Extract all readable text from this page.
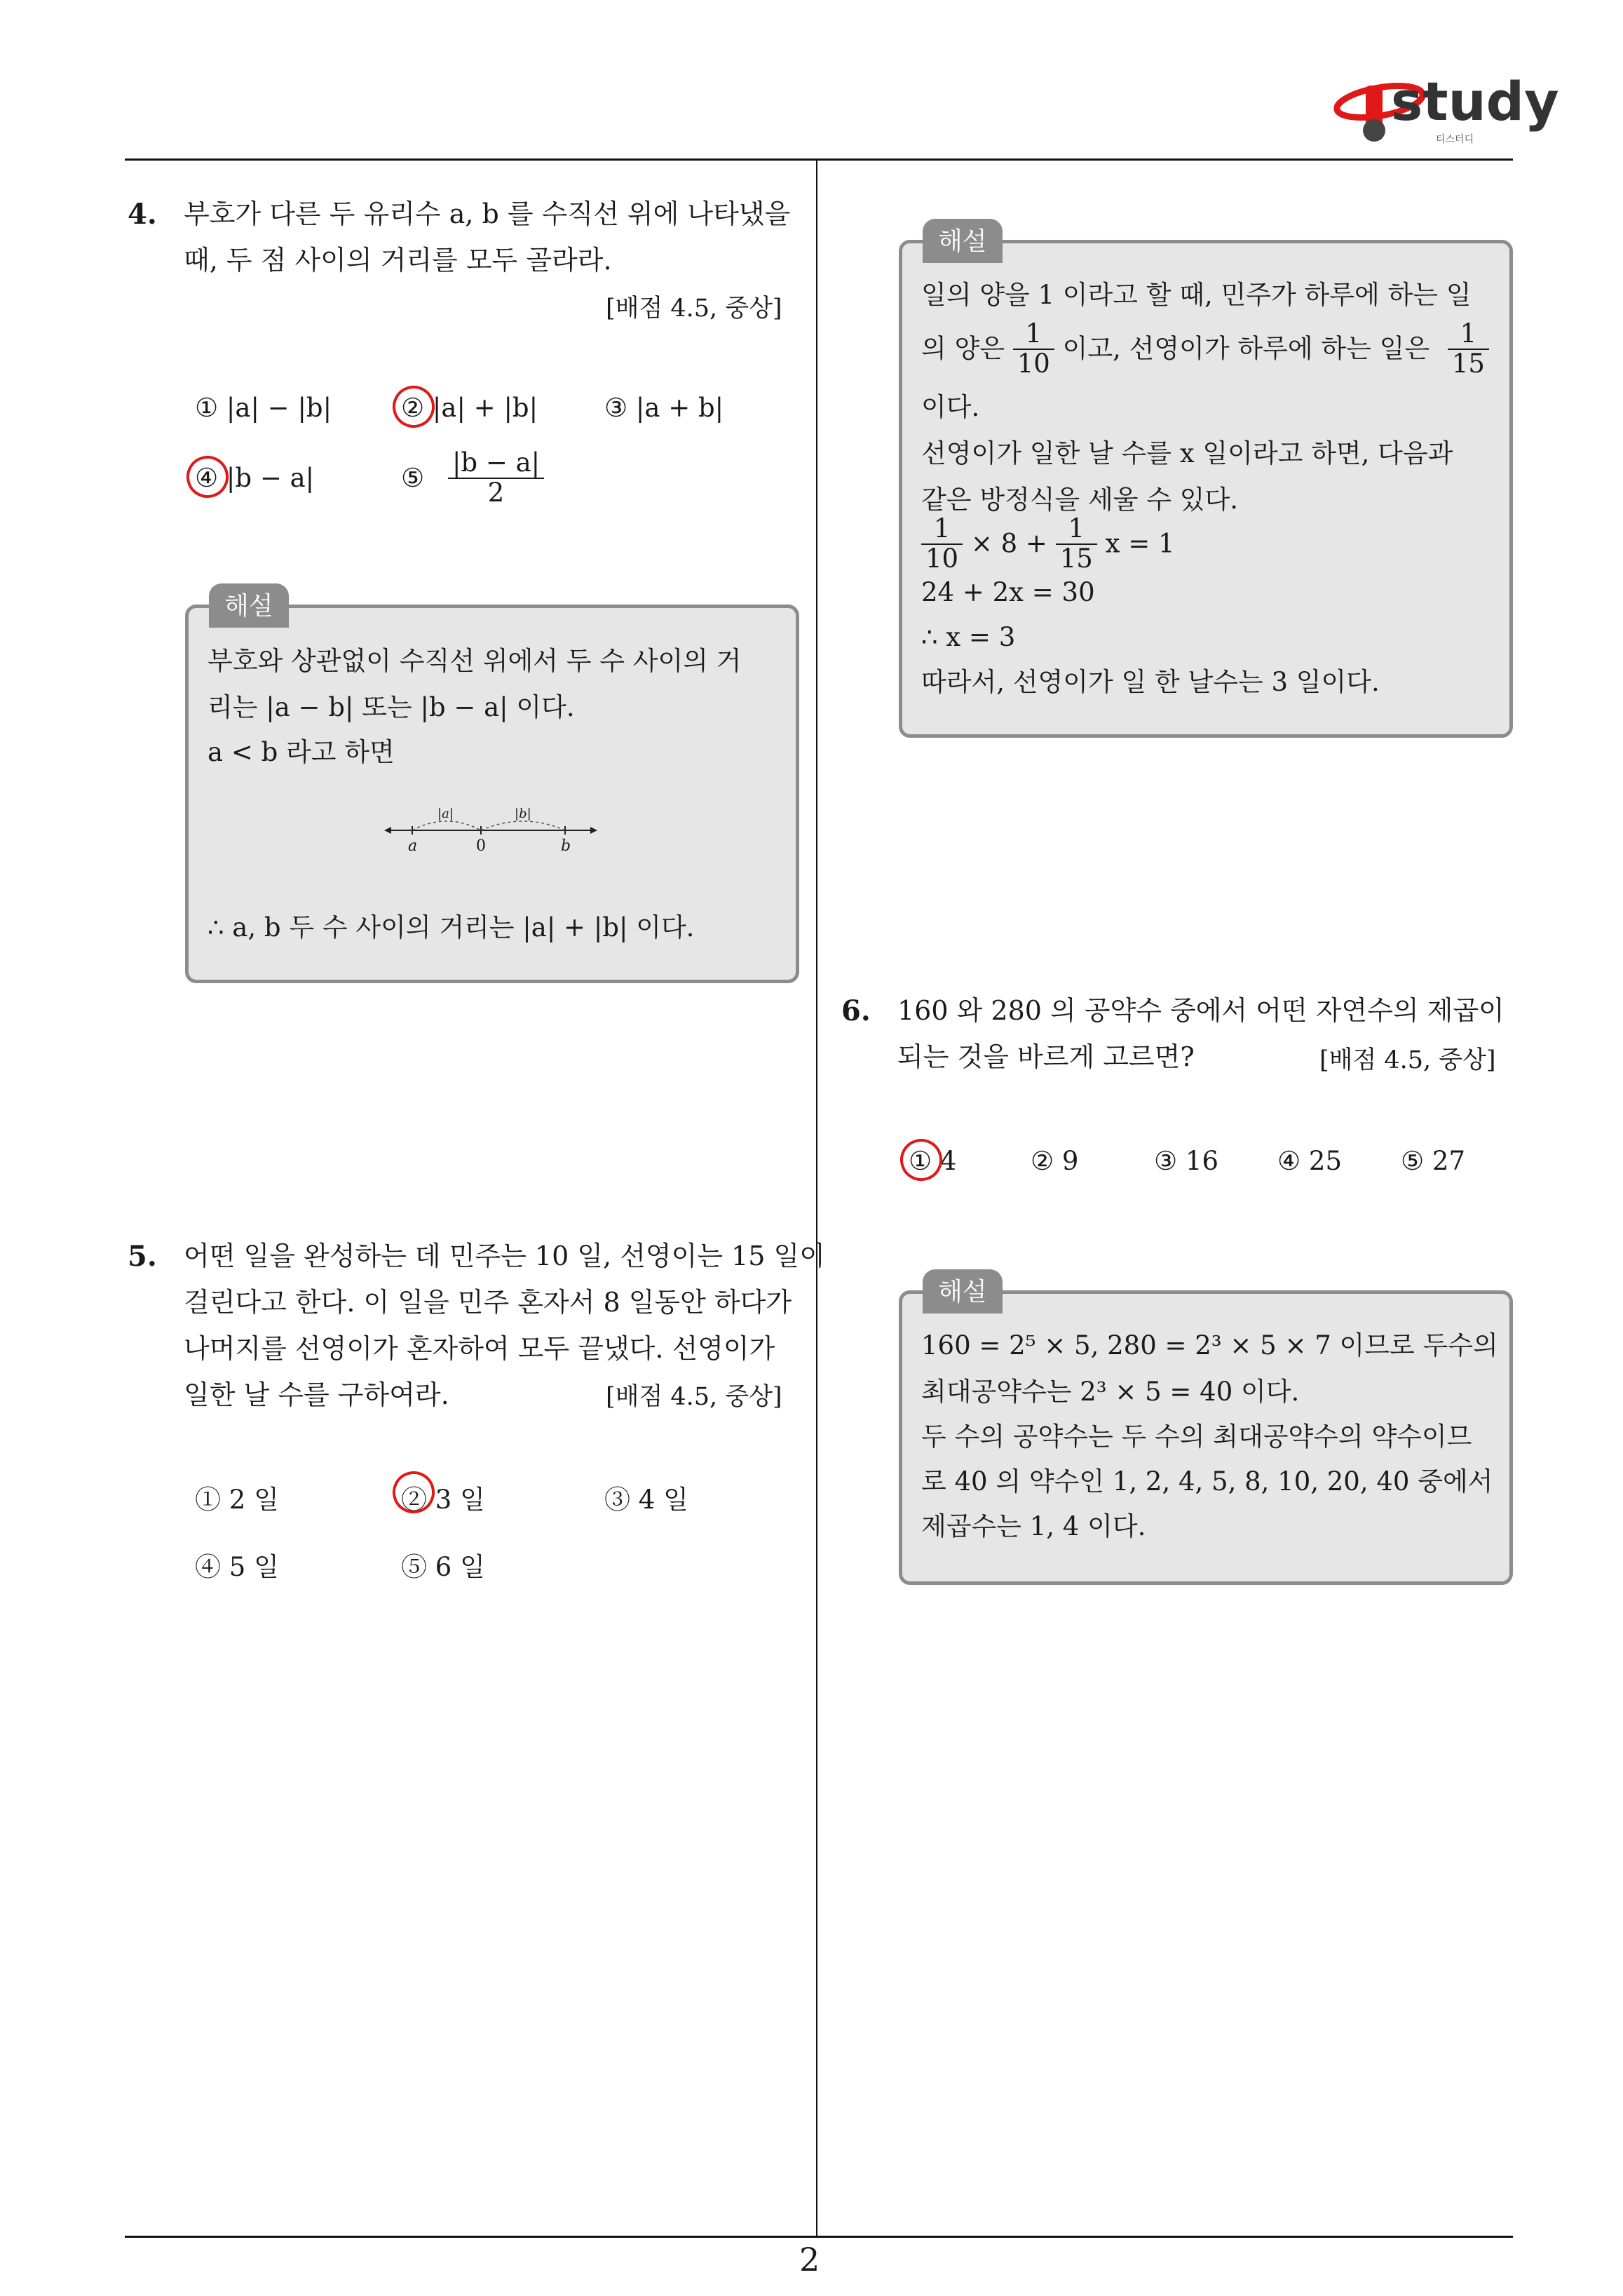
study
티스터디
2
4. 부호가 다른 두 유리수 a, b 를 수직선 위에 나타냈을
때, 두 점 사이의 거리를 모두 골라라.
[배점 4.5, 중상]
① |a| − |b|	② |a| + |b|	③ |a + b|
④ |b − a|	⑤ $\frac{|b - a|}{2}$
해설
부호와 상관없이 수직선 위에서 두 수 사이의 거
리는 |a − b| 또는 |b − a| 이다.
a < b 라고 하면
|a|	|b|
a	0	b
∴ a, b 두 수 사이의 거리는 |a| + |b| 이다.
5. 어떤 일을 완성하는 데 민주는 10 일, 선영이는 15 일이
걸린다고 한다. 이 일을 민주 혼자서 8 일동안 하다가
나머지를 선영이가 혼자하여 모두 끝냈다. 선영이가
일한 날 수를 구하여라.	[배점 4.5, 중상]
① 2 일	② 3 일	③ 4 일
④ 5 일	⑤ 6 일
해설
일의 양을 1 이라고 할 때, 민주가 하루에 하는 일
의 양은 $\frac{1}{10}$ 이고, 선영이가 하루에 하는 일은 $\frac{1}{15}$
이다.
선영이가 일한 날 수를 x 일이라고 하면, 다음과
같은 방정식을 세울 수 있다.
$\frac{1}{10} \times 8 + \frac{1}{15}$ x = 1
24 + 2x = 30
∴ x = 3
따라서, 선영이가 일 한 날수는 3 일이다.
6. 160 와 280 의 공약수 중에서 어떤 자연수의 제곱이
되는 것을 바르게 고르면?	[배점 4.5, 중상]
① 4	② 9	③ 16 ④ 25 ⑤ 27
해설
160 = 2⁵ × 5, 280 = 2³ × 5 × 7 이므로 두수의
최대공약수는 2³ × 5 = 40 이다.
두 수의 공약수는 두 수의 최대공약수의 약수이므
로 40 의 약수인 1, 2, 4, 5, 8, 10, 20, 40 중에서
제곱수는 1, 4 이다.
